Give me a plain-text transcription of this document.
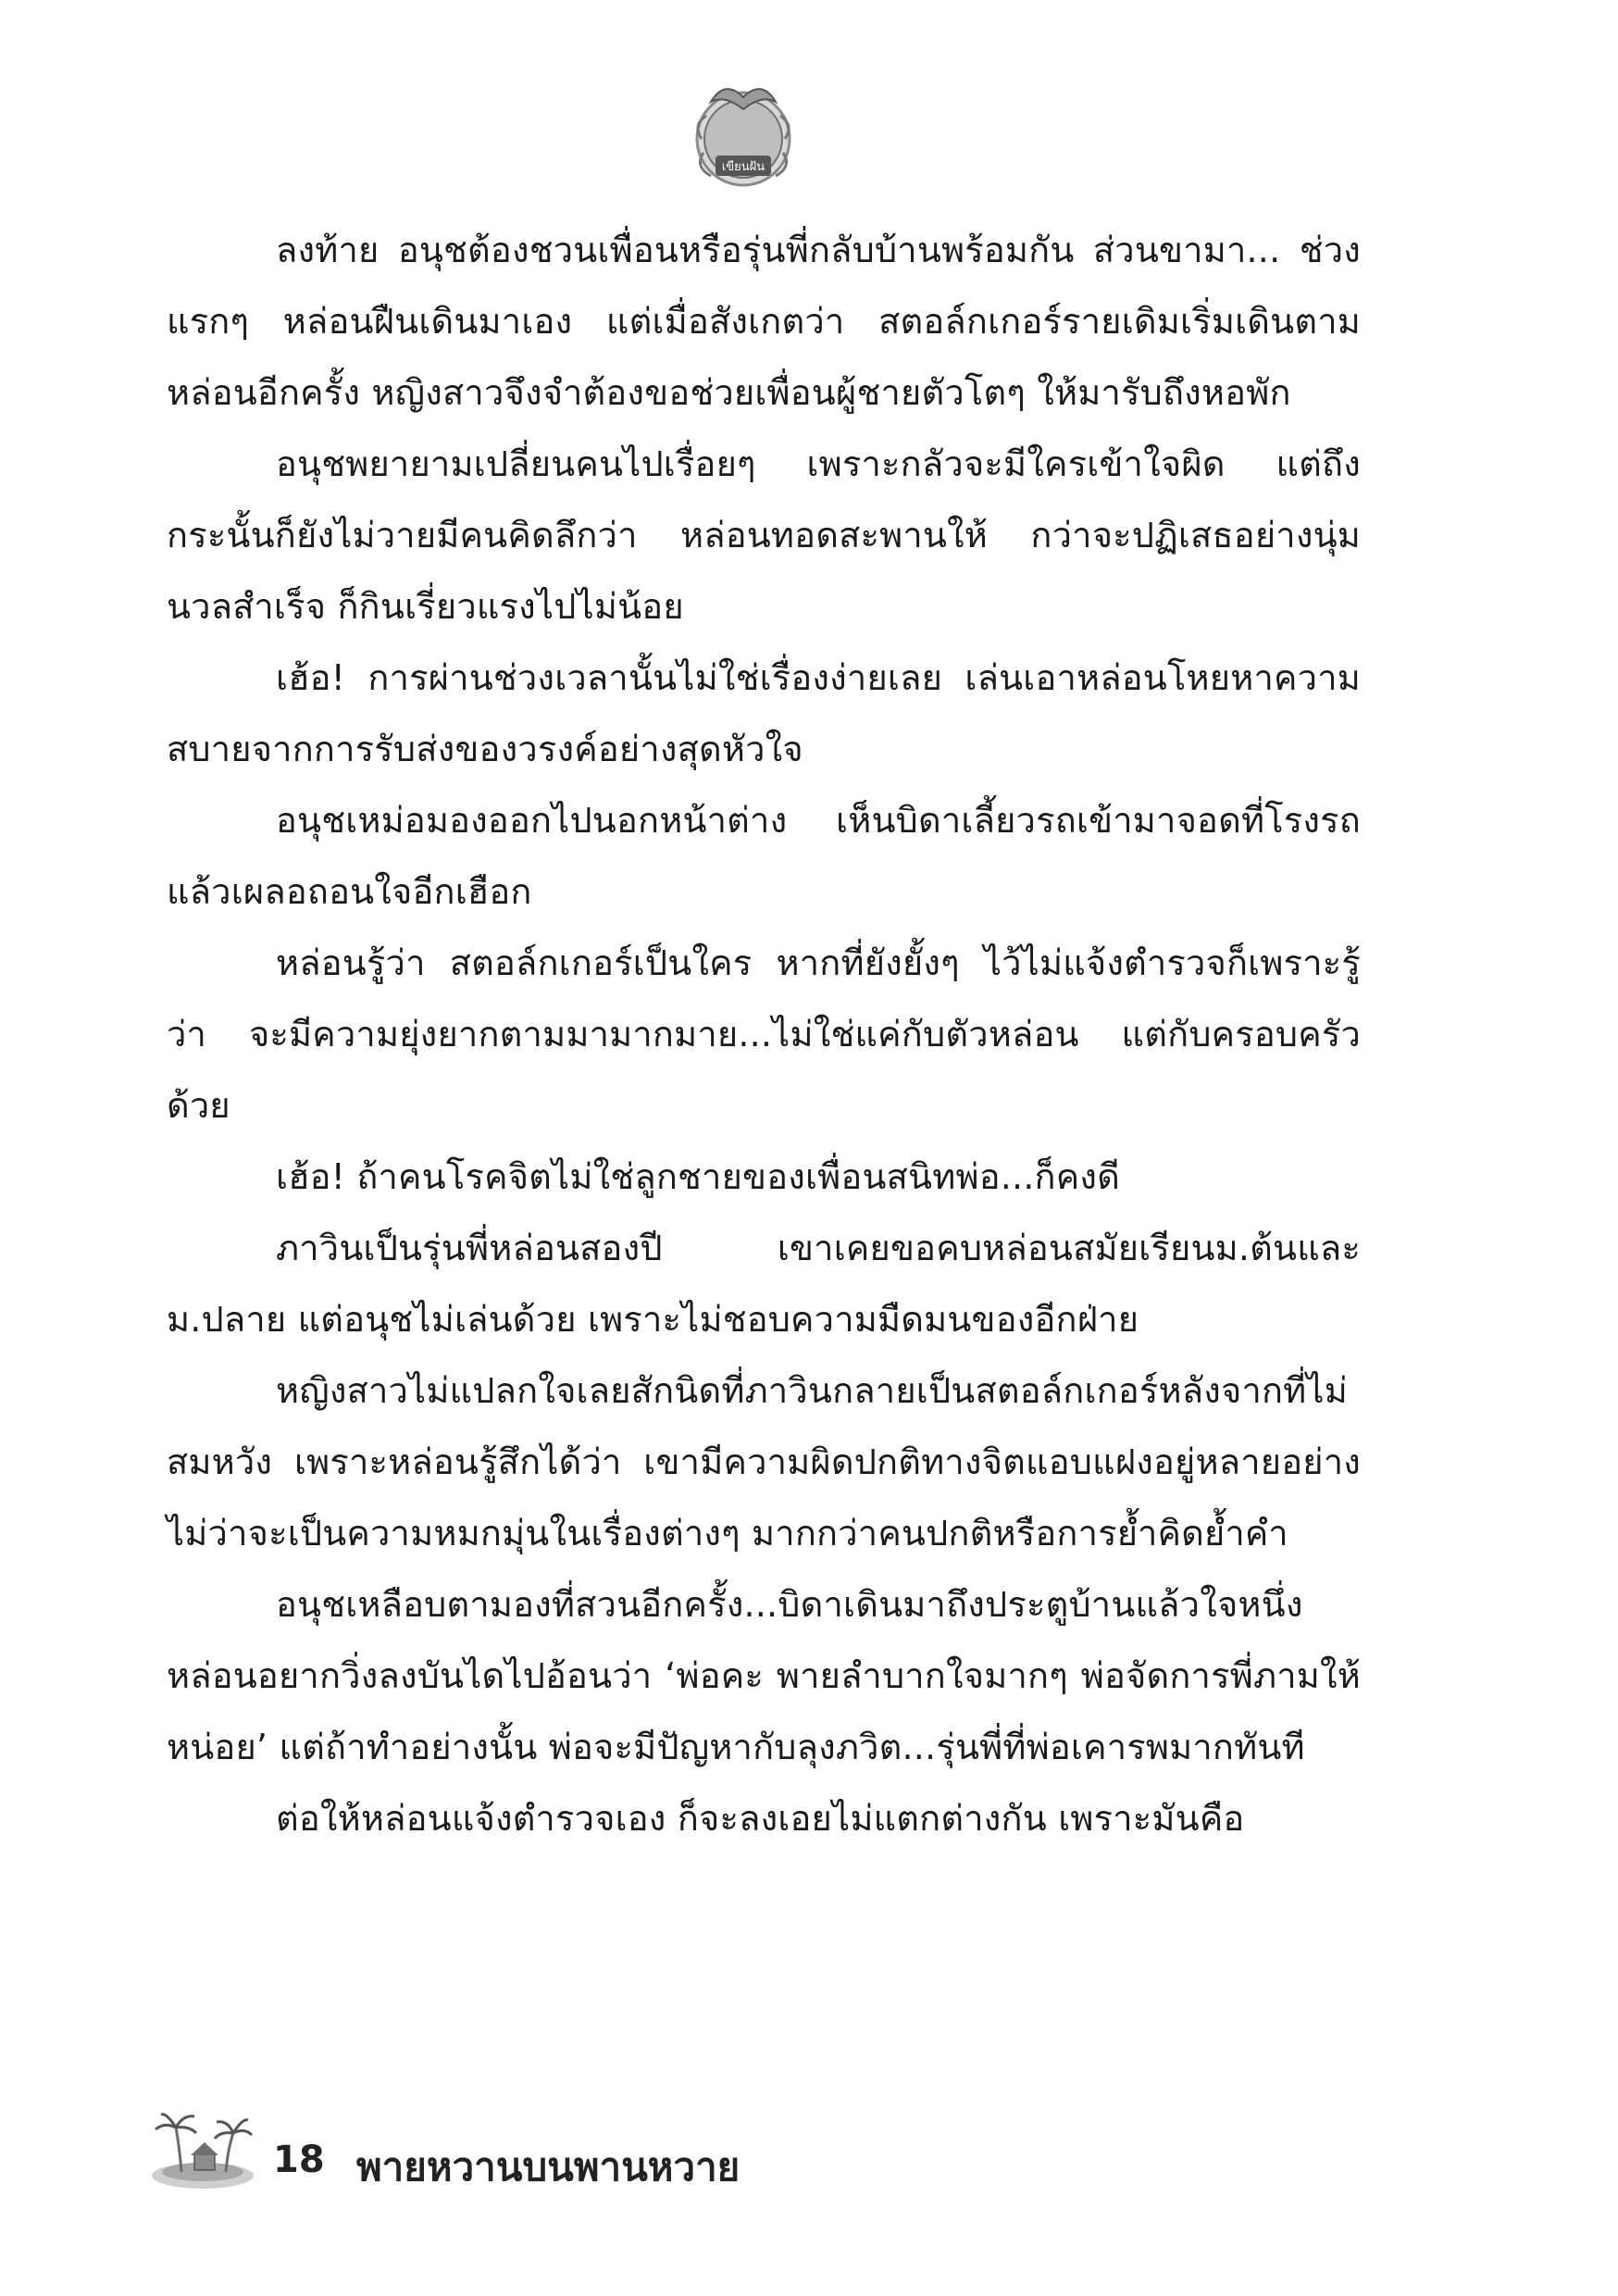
เขียนฝัน

ลงท้าย อนุชต้องชวนเพื่อนหรือรุ่นพี่กลับบ้านพร้อมกัน ส่วนขามา... ช่วงแรกๆ หล่อนฝืนเดินมาเอง แต่เมื่อสังเกตว่า สตอล์กเกอร์รายเดิมเริ่มเดินตามหล่อนอีกครั้ง หญิงสาวจึงจำต้องขอช่วยเพื่อนผู้ชายตัวโตๆ ให้มารับถึงหอพัก

อนุชพยายามเปลี่ยนคนไปเรื่อยๆ เพราะกลัวจะมีใครเข้าใจผิด แต่ถึงกระนั้นก็ยังไม่วายมีคนคิดลึกว่า หล่อนทอดสะพานให้ กว่าจะปฏิเสธอย่างนุ่มนวลสำเร็จ ก็กินเรี่ยวแรงไปไม่น้อย

เฮ้อ! การผ่านช่วงเวลานั้นไม่ใช่เรื่องง่ายเลย เล่นเอาหล่อนโหยหาความสบายจากการรับส่งของวรงค์อย่างสุดหัวใจ

อนุชเหม่อมองออกไปนอกหน้าต่าง เห็นบิดาเลี้ยวรถเข้ามาจอดที่โรงรถแล้วเผลอถอนใจอีกเฮือก

หล่อนรู้ว่า สตอล์กเกอร์เป็นใคร หากที่ยังยั้งๆ ไว้ไม่แจ้งตำรวจก็เพราะรู้ว่า จะมีความยุ่งยากตามมามากมาย...ไม่ใช่แค่กับตัวหล่อน แต่กับครอบครัวด้วย

เฮ้อ! ถ้าคนโรคจิตไม่ใช่ลูกชายของเพื่อนสนิทพ่อ...ก็คงดี

ภาวินเป็นรุ่นพี่หล่อนสองปี เขาเคยขอคบหล่อนสมัยเรียนม.ต้นและม.ปลาย แต่อนุชไม่เล่นด้วย เพราะไม่ชอบความมืดมนของอีกฝ่าย

หญิงสาวไม่แปลกใจเลยสักนิดที่ภาวินกลายเป็นสตอล์กเกอร์หลังจากที่ไม่สมหวัง เพราะหล่อนรู้สึกได้ว่า เขามีความผิดปกติทางจิตแอบแฝงอยู่หลายอย่าง ไม่ว่าจะเป็นความหมกมุ่นในเรื่องต่างๆ มากกว่าคนปกติหรือการย้ำคิดย้ำคำ

อนุชเหลือบตามองที่สวนอีกครั้ง...บิดาเดินมาถึงประตูบ้านแล้วใจหนึ่งหล่อนอยากวิ่งลงบันไดไปอ้อนว่า ‘พ่อคะ พายลำบากใจมากๆ พ่อจัดการพี่ภามให้หน่อย’ แต่ถ้าทำอย่างนั้น พ่อจะมีปัญหากับลุงภวิต...รุ่นพี่ที่พ่อเคารพมากทันที

ต่อให้หล่อนแจ้งตำรวจเอง ก็จะลงเอยไม่แตกต่างกัน เพราะมันคือ

18 พายหวานบนพานหวาย
